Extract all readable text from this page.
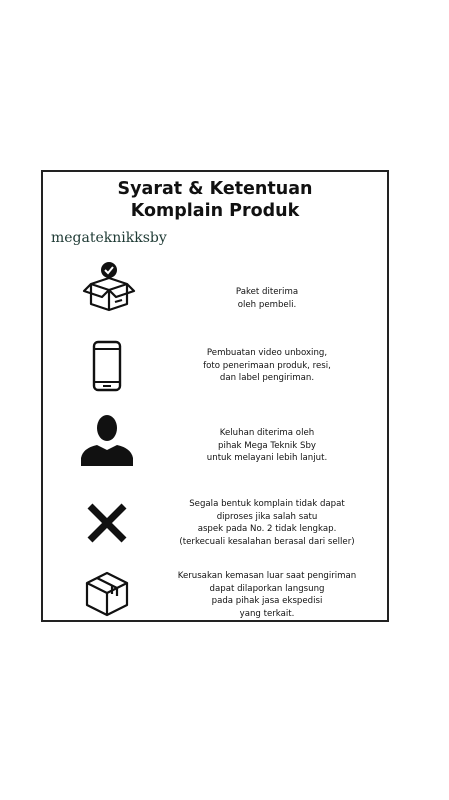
Syarat & Ketentuan
Komplain Produk
megateknikksby
Paket diterima
oleh pembeli.
Pembuatan video unboxing,
foto penerimaan produk, resi,
dan label pengiriman.
Keluhan diterima oleh
pihak Mega Teknik Sby
untuk melayani lebih lanjut.
Segala bentuk komplain tidak dapat
diproses jika salah satu
aspek pada No. 2 tidak lengkap.
(terkecuali kesalahan berasal dari seller)
Kerusakan kemasan luar saat pengiriman
dapat dilaporkan langsung
pada pihak jasa ekspedisi
yang terkait.
